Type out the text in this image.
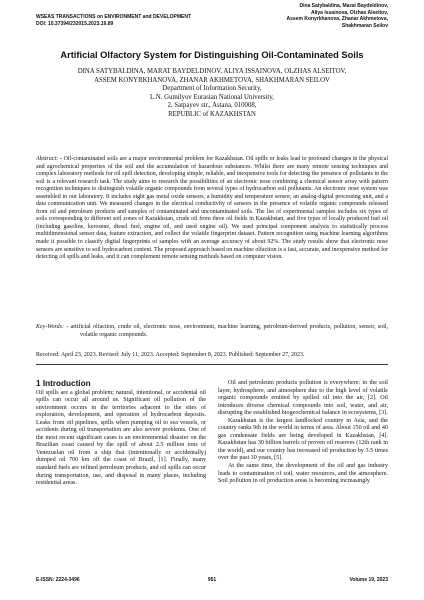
WSEAS TRANSACTIONS on ENVIRONMENT and DEVELOPMENT
DOI: 10.37394/232015.2023.19.89
Dina Satybaldina, Marat Baydeldinov,
Aliya Issainova, Olzhas Alseitov,
Assem Konyrkhanova, Zhanar Akhmetova,
Shakhmaran Seilov
Artificial Olfactory System for Distinguishing Oil-Contaminated Soils
DINA SATYBALDINA, MARAT BAYDELDINOV, ALIYA ISSAINOVA, OLZHAS ALSEITOV,
ASSEM KONYRKHANOVA, ZHANAR AKHMETOVA, SHAKHMARAN SEILOV
Department of Information Security,
L.N. Gumilyov Eurasian National University,
2, Satpayev str., Astana, 010008,
REPUBLIC of KAZAKHSTAN
Abstract: - Oil-contaminated soils are a major environmental problem for Kazakhstan. Oil spills or leaks lead to profound changes in the physical and agrochemical properties of the soil and the accumulation of hazardous substances. Whilst there are many remote sensing techniques and complex laboratory methods for oil spill detection, developing simple, reliable, and inexpensive tools for detecting the presence of pollutants in the soil is a relevant research task. The study aims to research the possibilities of an electronic nose combining a chemical sensor array with pattern recognition techniques to distinguish volatile organic compounds from several types of hydrocarbon soil pollutants. An electronic nose system was assembled in our laboratory. It includes eight gas metal oxide sensors, a humidity and temperature sensor, an analog-digital processing unit, and a data communication unit. We measured changes in the electrical conductivity of sensors in the presence of volatile organic compounds released from oil and petroleum products and samples of contaminated and uncontaminated soils. The list of experimental samples includes six types of soils corresponding to different soil zones of Kazakhstan, crude oil from three oil fields in Kazakhstan, and five types of locally produced fuel oil (including gasoline, kerosene, diesel fuel, engine oil, and used engine oil). We used principal component analysis to statistically process multidimensional sensor data, feature extraction, and collect the volatile fingerprint dataset. Pattern recognition using machine learning algorithms made it possible to classify digital fingerprints of samples with an average accuracy of about 92%. The study results show that electronic nose sensors are sensitive to soil hydrocarbon content. The proposed approach based on machine olfaction is a fast, accurate, and inexpensive method for detecting oil spills and leaks, and it can complement remote sensing methods based on computer vision.
Key-Words: - artificial olfaction, crude oil, electronic nose, environment, machine learning, petroleum-derived products, pollution, sensor, soil, volatile organic compounds.
Received: April 23, 2023. Revised: July 11, 2023. Accepted: September 8, 2023. Published: September 27, 2023.
1 Introduction

Oil spills are a global problem; natural, intentional, or accidental oil spills can occur all around us. Significant oil pollution of the environment occurs in the territories adjacent to the sites of exploration, development, and operation of hydrocarbon deposits. Leaks from oil pipelines, spills when pumping oil to sea vessels, or accidents during oil transportation are also severe problems. One of the most recent significant cases is an environmental disaster on the Brazilian coast caused by the spill of about 2.5 million tons of Venezuelan oil from a ship that (intentionally or accidentally) dumped oil 700 km off the coast of Brazil, [1]. Finally, many standard fuels are refined petroleum products, and oil spills can occur during transportation, use, and disposal in many places, including residential areas.

Oil and petroleum products pollution is everywhere: in the soil layer, hydrosphere, and atmosphere due to the high level of volatile organic compounds emitted by spilled oil into the air, [2]. Oil introduces diverse chemical compounds into soil, water, and air, disrupting the established biogeochemical balance in ecosystems, [3].

Kazakhstan is the largest landlocked country in Asia, and the country ranks 9th in the world in terms of area. About 150 oil and 40 gas condensate fields are being developed in Kazakhstan, [4]. Kazakhstan has 30 billion barrels of proven oil reserves (12th rank in the world), and our country has increased oil production by 3.5 times over the past 30 years, [5].

At the same time, the development of the oil and gas industry leads to contamination of soil, water resources, and the atmosphere. Soil pollution in oil production areas is becoming increasingly

E-ISSN: 2224-3496	951	Volume 19, 2023
